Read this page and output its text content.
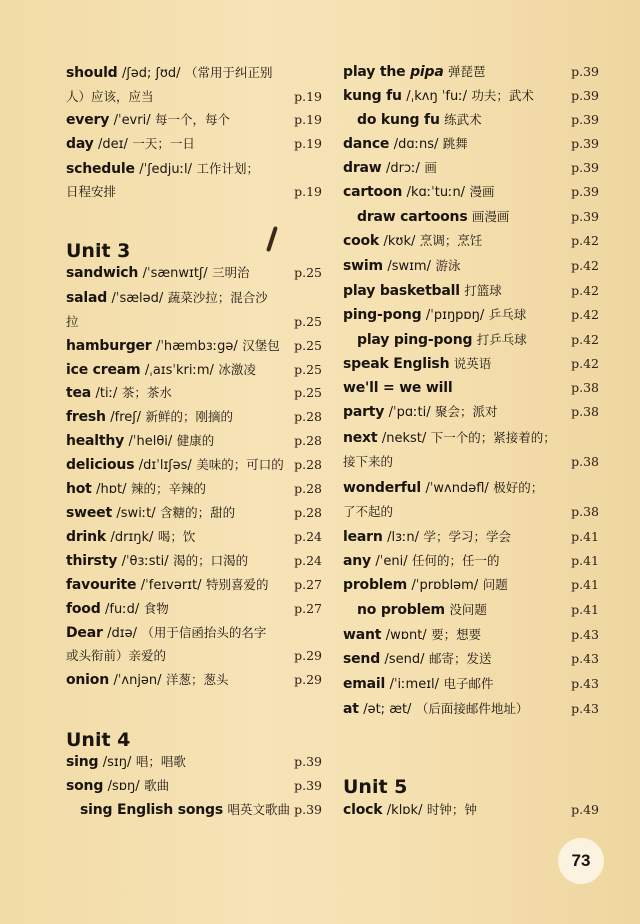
should /ʃəd; ʃʊd/ （常用于纠正别
人）应该，应当	p.19
every /ˈevri/ 每一个，每个	p.19
day /deɪ/ 一天；一日	p.19
schedule /ˈʃedjuːl/ 工作计划；
日程安排	p.19
Unit 3
sandwich /ˈsænwɪtʃ/ 三明治	p.25
salad /ˈsæləd/ 蔬菜沙拉；混合沙
拉	p.25
hamburger /ˈhæmbɜːgə/ 汉堡包 p.25
ice cream /ˌaɪsˈkriːm/ 冰激凌	p.25
tea /tiː/ 茶；茶水	p.25
fresh /freʃ/ 新鲜的；刚摘的	p.28
healthy /ˈhelθi/ 健康的	p.28
delicious /dɪˈlɪʃəs/ 美味的；可口的 p.28
hot /hɒt/ 辣的；辛辣的	p.28
sweet /swiːt/ 含糖的；甜的	p.28
drink /drɪŋk/ 喝；饮	p.24
thirsty /ˈθɜːsti/ 渴的；口渴的	p.24
favourite /ˈfeɪvərɪt/ 特别喜爱的 p.27
food /fuːd/ 食物	p.27
Dear /dɪə/ （用于信函抬头的名字
或头衔前）亲爱的	p.29
onion /ˈʌnjən/ 洋葱；葱头	p.29
Unit 4
sing /sɪŋ/ 唱；唱歌	p.39
song /sɒŋ/ 歌曲	p.39
sing English songs 唱英文歌曲 p.39
play the pipa 弹琵琶	p.39
kung fu /ˌkʌŋ ˈfuː/ 功夫；武术	p.39
do kung fu 练武术	p.39
dance /dɑːns/ 跳舞	p.39
draw /drɔː/ 画	p.39
cartoon /kɑːˈtuːn/ 漫画	p.39
draw cartoons 画漫画	p.39
cook /kʊk/ 烹调；烹饪	p.42
swim /swɪm/ 游泳	p.42
play basketball 打篮球	p.42
ping-pong /ˈpɪŋpɒŋ/ 乒乓球	p.42
play ping-pong 打乒乓球	p.42
speak English 说英语	p.42
we'll = we will	p.38
party /ˈpɑːti/ 聚会；派对	p.38
next /nekst/ 下一个的；紧接着的；
接下来的	p.38
wonderful /ˈwʌndəfl/ 极好的；
了不起的	p.38
learn /lɜːn/ 学；学习；学会	p.41
any /ˈeni/ 任何的；任一的	p.41
problem /ˈprɒbləm/ 问题	p.41
no problem 没问题	p.41
want /wɒnt/ 要；想要	p.43
send /send/ 邮寄；发送	p.43
email /ˈiːmeɪl/ 电子邮件	p.43
at /ət; æt/ （后面接邮件地址）	p.43
Unit 5
clock /klɒk/ 时钟；钟	p.49
73
